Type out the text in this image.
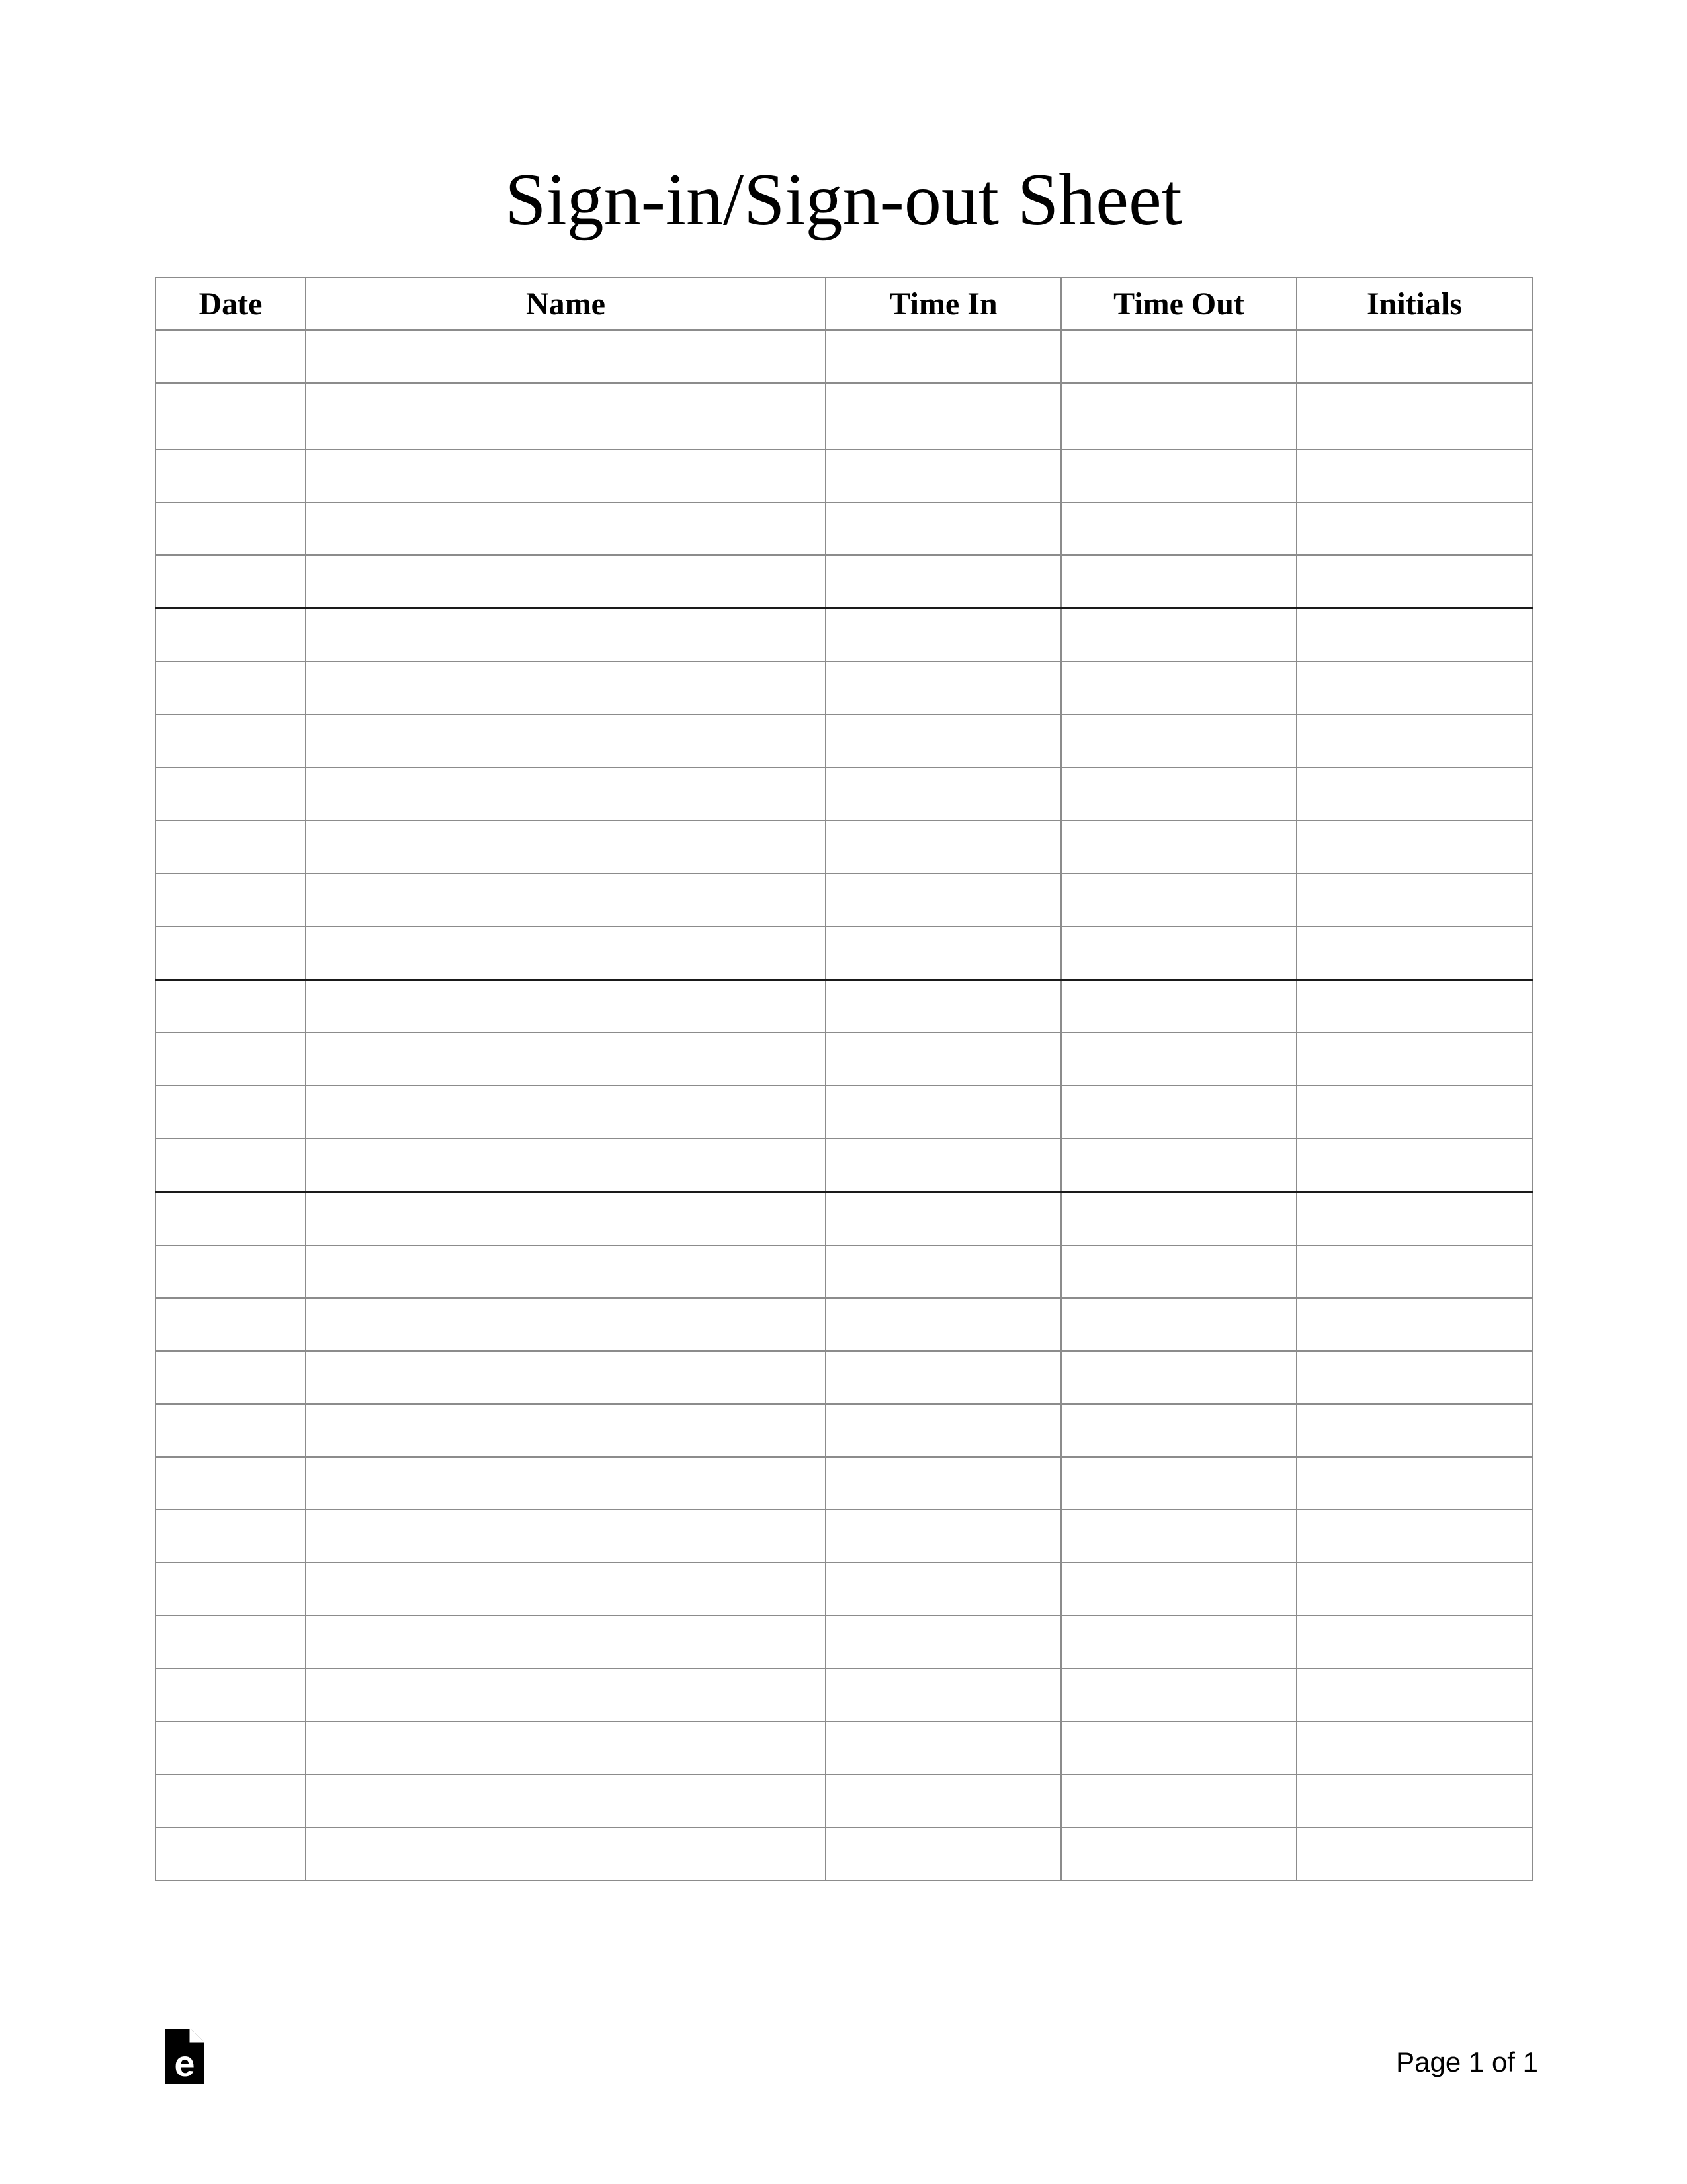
Sign-in/Sign-out Sheet
Date	Name	Time In	Time Out	Initials

e	Page 1 of 1
